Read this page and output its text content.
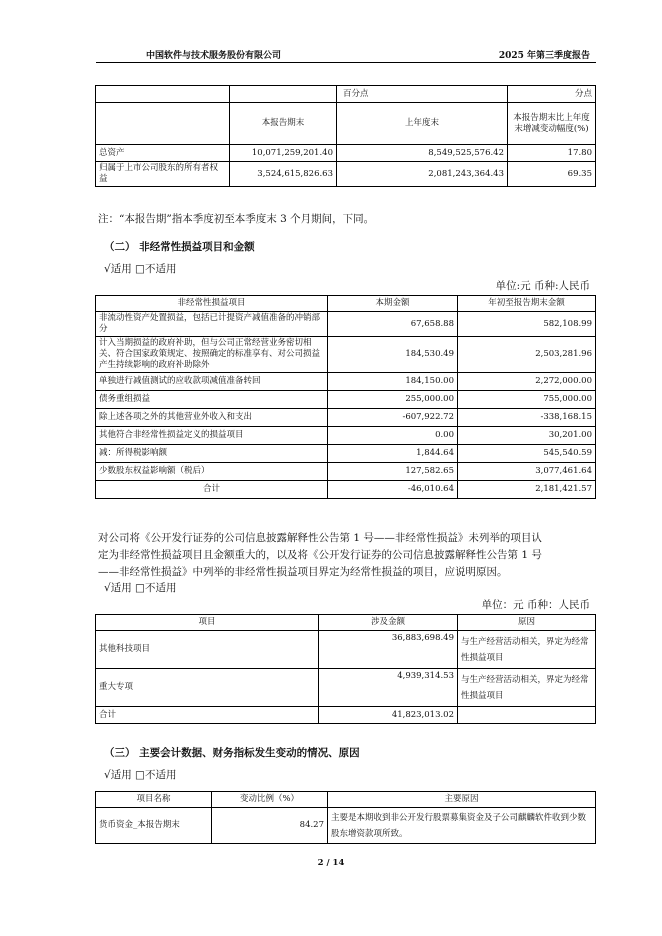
中国软件与技术服务股份有限公司	2025 年第三季度报告
		百分点	分点
	本报告期末	上年度末	本报告期末比上年度末增减变动幅度(%)
总资产	10,071,259,201.40	8,549,525,576.42	17.80
归属于上市公司股东的所有者权益	3,524,615,826.63	2,081,243,364.43	69.35
注：“本报告期”指本季度初至本季度末 3 个月期间，下同。
（二） 非经常性损益项目和金额
√适用 □不适用
单位:元 币种:人民币
非经常性损益项目	本期金额	年初至报告期末金额
非流动性资产处置损益，包括已计提资产减值准备的冲销部分	67,658.88	582,108.99
计入当期损益的政府补助，但与公司正常经营业务密切相关、符合国家政策规定、按照确定的标准享有、对公司损益产生持续影响的政府补助除外	184,530.49	2,503,281.96
单独进行减值测试的应收款项减值准备转回	184,150.00	2,272,000.00
债务重组损益	255,000.00	755,000.00
除上述各项之外的其他营业外收入和支出	-607,922.72	-338,168.15
其他符合非经常性损益定义的损益项目	0.00	30,201.00
减：所得税影响额	1,844.64	545,540.59
少数股东权益影响额（税后）	127,582.65	3,077,461.64
合计	-46,010.64	2,181,421.57
对公司将《公开发行证券的公司信息披露解释性公告第 1 号——非经常性损益》未列举的项目认
定为非经常性损益项目且金额重大的，以及将《公开发行证券的公司信息披露解释性公告第 1 号
——非经常性损益》中列举的非经常性损益项目界定为经常性损益的项目，应说明原因。
√适用 □不适用
单位：元 币种：人民币
项目	涉及金额	原因
其他科技项目	36,883,698.49	与生产经营活动相关，界定为经常性损益项目
重大专项	4,939,314.53	与生产经营活动相关，界定为经常性损益项目
合计	41,823,013.02	
（三） 主要会计数据、财务指标发生变动的情况、原因
√适用 □不适用
项目名称	变动比例（%）	主要原因
货币资金_本报告期末	84.27	主要是本期收到非公开发行股票募集资金及子公司麒麟软件收到少数股东增资款项所致。
2 / 14
